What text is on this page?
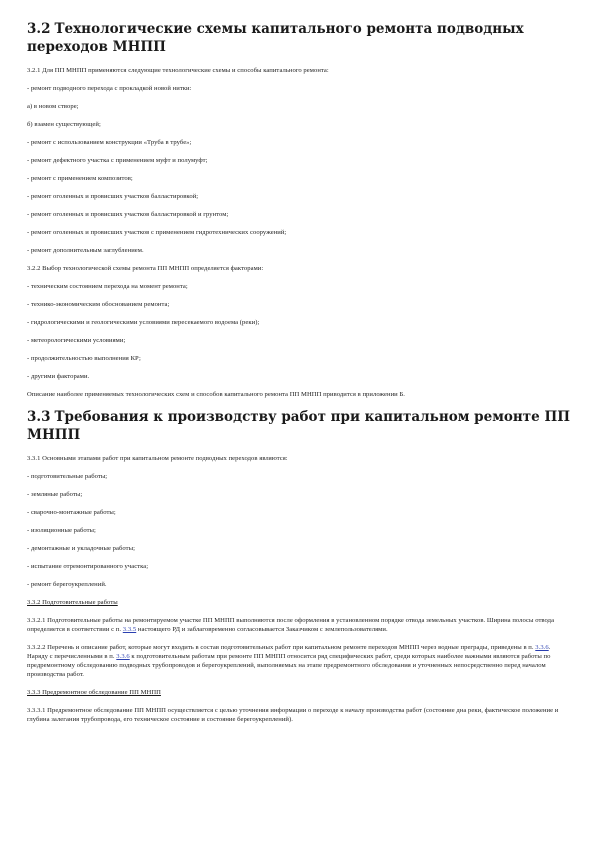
3.2 Технологические схемы капитального ремонта подводных переходов МНПП

3.2.1 Для ПП МНПП применяются следующие технологические схемы и способы капитального ремонта:

- ремонт подводного перехода с прокладкой новой нитки:

а) в новом створе;

б) взамен существующей;

- ремонт с использованием конструкции «Труба в трубе»;

- ремонт дефектного участка с применением муфт и полумуфт;

- ремонт с применением композитов;

- ремонт оголенных и провисших участков балластировкой;

- ремонт оголенных и провисших участков балластировкой и грунтом;

- ремонт оголенных и провисших участков с применением гидротехнических сооружений;

- ремонт дополнительным заглублением.

3.2.2 Выбор технологической схемы ремонта ПП МНПП определяется факторами:

- техническим состоянием перехода на момент ремонта;

- технико-экономическим обоснованием ремонта;

- гидрологическими и геологическими условиями пересекаемого водоема (реки);

- метеорологическими условиями;

- продолжительностью выполнения КР;

- другими факторами.

Описание наиболее применяемых технологических схем и способов капитального ремонта ПП МНПП приводится в приложении Б.

3.3 Требования к производству работ при капитальном ремонте ПП МНПП

3.3.1 Основными этапами работ при капитальном ремонте подводных переходов являются:

- подготовительные работы;

- земляные работы;

- сварочно-монтажные работы;

- изоляционные работы;

- демонтажные и укладочные работы;

- испытание отремонтированного участка;

- ремонт берегоукреплений.

3.3.2 Подготовительные работы

3.3.2.1 Подготовительные работы на ремонтируемом участке ПП МНПП выполняются после оформления в установленном порядке отвода земельных участков. Ширина полосы отвода определяется в соответствии с п. 3.3.5 настоящего РД и заблаговременно согласовывается Заказчиком с землепользователями.

3.3.2.2 Перечень и описание работ, которые могут входить в состав подготовительных работ при капитальном ремонте переходов МНПП через водные преграды, приведены в п. 3.3.6. Наряду с перечисленными в п. 3.3.6 к подготовительным работам при ремонте ПП МНПП относится ряд специфических работ, среди которых наиболее важными являются работы по предремонтному обследованию подводных трубопроводов и берегоукреплений, выполняемых на этапе предремонтного обследования и уточненных непосредственно перед началом производства работ.

3.3.3 Предремонтное обследование ПП МНПП

3.3.3.1 Предремонтное обследование ПП МНПП осуществляется с целью уточнения информации о переходе к началу производства работ (состояние дна реки, фактическое положение и глубина залегания трубопровода, его техническое состояние и состояние берегоукреплений).
